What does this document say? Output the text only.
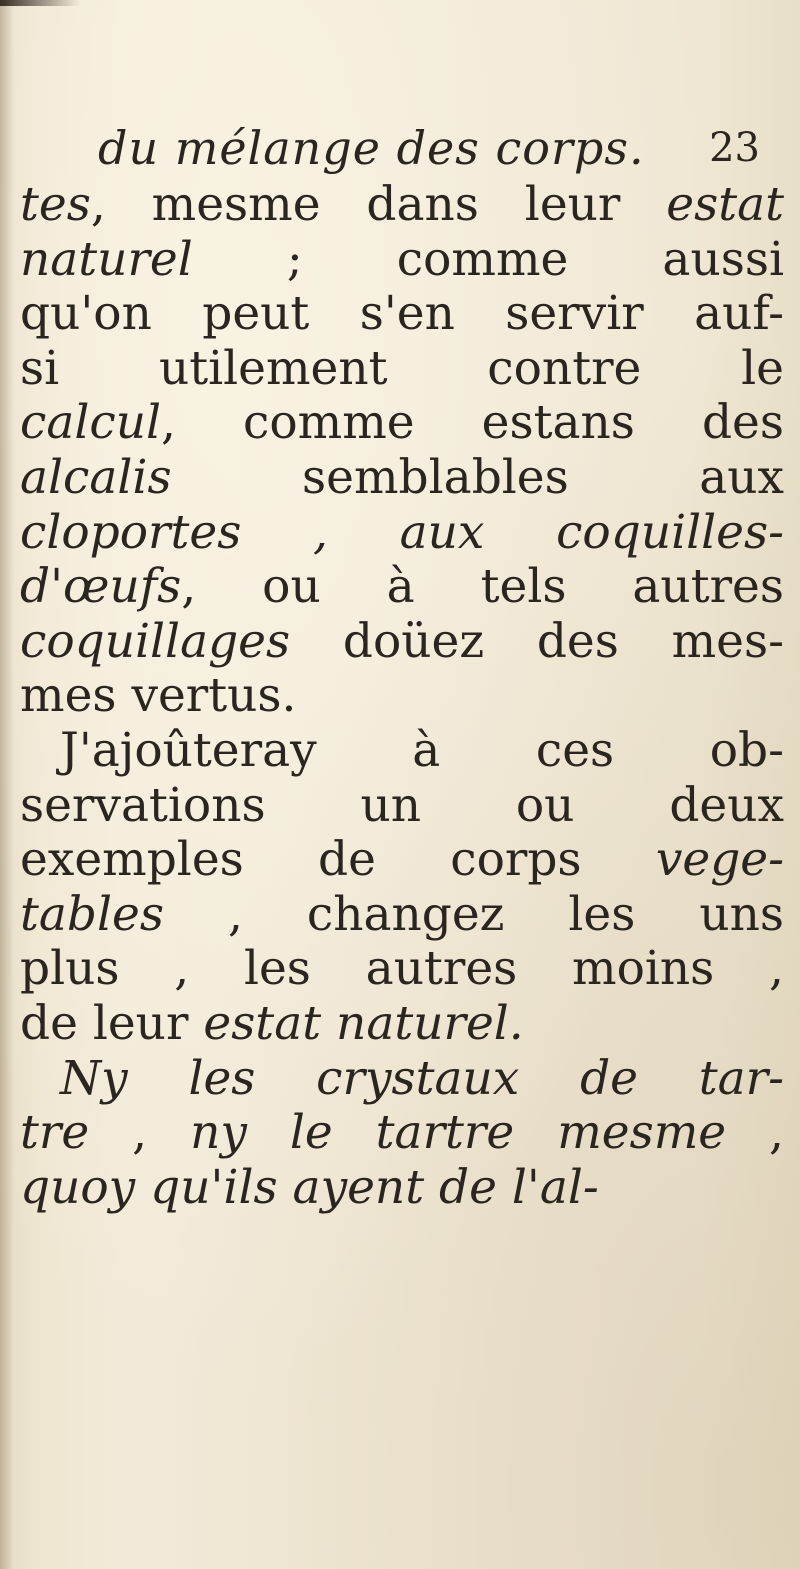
du mélange des corps. 23
tes, mesme dans leur estat
naturel ; comme aussi
qu'on peut s'en servir auf-
si utilement contre le
calcul, comme estans des
alcalis semblables aux
cloportes , aux coquilles-
d'œufs, ou à tels autres
coquillages doüez des mes-
mes vertus.
J'ajoûteray à ces ob-
servations un ou deux
exemples de corps vege-
tables , changez les uns
plus , les autres moins ,
de leur estat naturel.
Ny les crystaux de tar-
tre , ny le tartre mesme ,
quoy qu'ils ayent de l'al-
